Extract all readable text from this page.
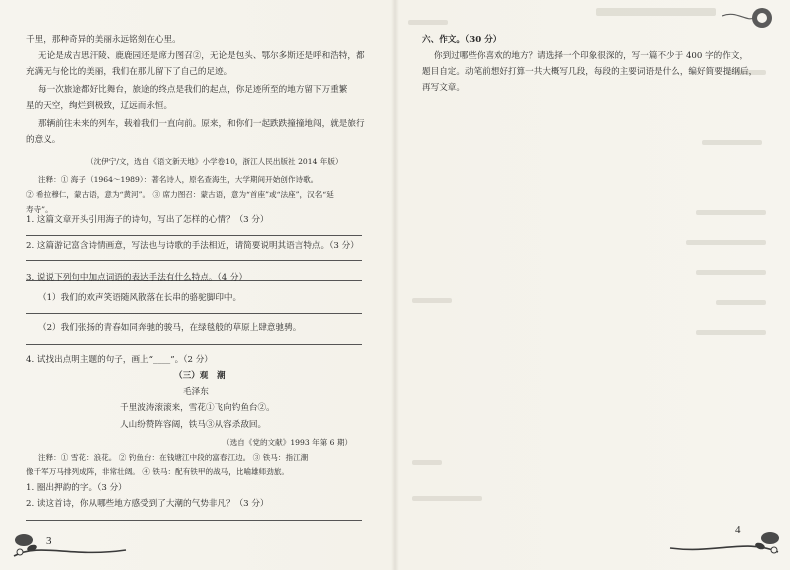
千里，那种奇异的美丽永远铭刻在心里。
无论是成吉思汗陵、鹿鹿园还是席力图召②，无论是包头、鄂尔多斯还是呼和浩特，都
充满无与伦比的美丽，我们在那儿留下了自己的足迹。
每一次旅途都好比舞台，旅途的终点是我们的起点，你足迹所至的地方留下万重繁
星的天空，绚烂到极致，辽远而永恒。
那辆前往未来的列车，载着我们一直向前。原来，和你们一起跌跌撞撞地闯，就是旅行
的意义。
（沈伊宁/文，选自《语文新天地》小学卷10，浙江人民出版社 2014 年版）
注释：① 海子（1964～1989）：著名诗人，原名查海生，大学期间开始创作诗歌。
② 希拉穆仁，蒙古语，意为“黄河”。 ③ 席力图召：蒙古语，意为“首座”或“法座”，汉名“延
寿寺”。
1. 这篇文章开头引用海子的诗句，写出了怎样的心情？（3 分）
2. 这篇游记富含诗情画意，写法也与诗歌的手法相近，请简要说明其语言特点。（3 分）
3. 说说下列句中加点词语的表达手法有什么特点。（4 分）
（1）我们的欢声笑语随风散落在长串的骆驼脚印中。
（2）我们张扬的青春如同奔驰的骏马，在绿毯般的草原上肆意驰骋。
4. 试找出点明主题的句子，画上“____”。（2 分）
（三）观　潮
毛泽东
千里波涛滚滚来，雪花①飞向钓鱼台②。
人山纷赞阵容阔，铁马③从容杀敌回。
（选自《党的文献》1993 年第 6 期）
注释：① 雪花：浪花。 ② 钓鱼台：在钱塘江中段的富春江边。 ③ 铁马：指江潮
像千军万马排列成阵，非常壮阔。 ④ 铁马：配有铁甲的战马，比喻雄师劲旅。
1. 圈出押韵的字。（3 分）
2. 读这首诗，你从哪些地方感受到了大潮的气势非凡？（3 分）
3
六、作文。（30 分）
你到过哪些你喜欢的地方？请选择一个印象很深的，写一篇不少于 400 字的作文，
题目自定。动笔前想好打算一共大概写几段，每段的主要词语是什么，编好简要提纲后，
再写文章。
4
